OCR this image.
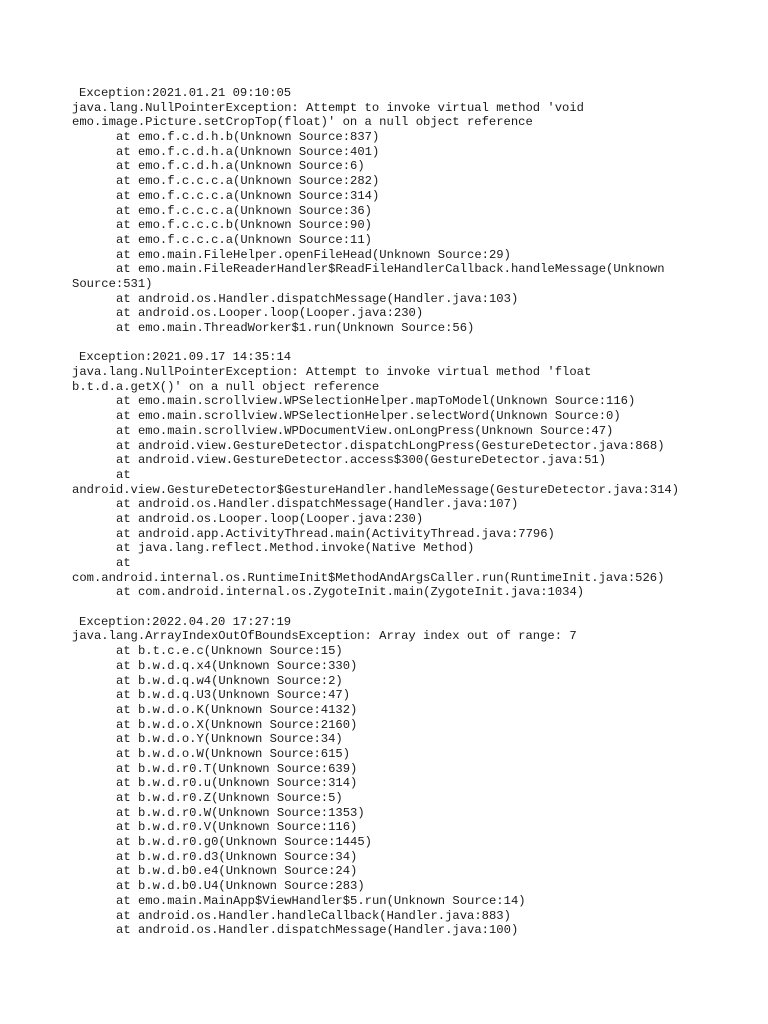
Exception:2021.01.21 09:10:05
java.lang.NullPointerException: Attempt to invoke virtual method 'void
emo.image.Picture.setCropTop(float)' on a null object reference
at emo.f.c.d.h.b(Unknown Source:837)
at emo.f.c.d.h.a(Unknown Source:401)
at emo.f.c.d.h.a(Unknown Source:6)
at emo.f.c.c.c.a(Unknown Source:282)
at emo.f.c.c.c.a(Unknown Source:314)
at emo.f.c.c.c.a(Unknown Source:36)
at emo.f.c.c.c.b(Unknown Source:90)
at emo.f.c.c.c.a(Unknown Source:11)
at emo.main.FileHelper.openFileHead(Unknown Source:29)
at emo.main.FileReaderHandler$ReadFileHandlerCallback.handleMessage(Unknown
Source:531)
at android.os.Handler.dispatchMessage(Handler.java:103)
at android.os.Looper.loop(Looper.java:230)
at emo.main.ThreadWorker$1.run(Unknown Source:56)
Exception:2021.09.17 14:35:14
java.lang.NullPointerException: Attempt to invoke virtual method 'float
b.t.d.a.getX()' on a null object reference
at emo.main.scrollview.WPSelectionHelper.mapToModel(Unknown Source:116)
at emo.main.scrollview.WPSelectionHelper.selectWord(Unknown Source:0)
at emo.main.scrollview.WPDocumentView.onLongPress(Unknown Source:47)
at android.view.GestureDetector.dispatchLongPress(GestureDetector.java:868)
at android.view.GestureDetector.access$300(GestureDetector.java:51)
at
android.view.GestureDetector$GestureHandler.handleMessage(GestureDetector.java:314)
at android.os.Handler.dispatchMessage(Handler.java:107)
at android.os.Looper.loop(Looper.java:230)
at android.app.ActivityThread.main(ActivityThread.java:7796)
at java.lang.reflect.Method.invoke(Native Method)
at
com.android.internal.os.RuntimeInit$MethodAndArgsCaller.run(RuntimeInit.java:526)
at com.android.internal.os.ZygoteInit.main(ZygoteInit.java:1034)
Exception:2022.04.20 17:27:19
java.lang.ArrayIndexOutOfBoundsException: Array index out of range: 7
at b.t.c.e.c(Unknown Source:15)
at b.w.d.q.x4(Unknown Source:330)
at b.w.d.q.w4(Unknown Source:2)
at b.w.d.q.U3(Unknown Source:47)
at b.w.d.o.K(Unknown Source:4132)
at b.w.d.o.X(Unknown Source:2160)
at b.w.d.o.Y(Unknown Source:34)
at b.w.d.o.W(Unknown Source:615)
at b.w.d.r0.T(Unknown Source:639)
at b.w.d.r0.u(Unknown Source:314)
at b.w.d.r0.Z(Unknown Source:5)
at b.w.d.r0.W(Unknown Source:1353)
at b.w.d.r0.V(Unknown Source:116)
at b.w.d.r0.g0(Unknown Source:1445)
at b.w.d.r0.d3(Unknown Source:34)
at b.w.d.b0.e4(Unknown Source:24)
at b.w.d.b0.U4(Unknown Source:283)
at emo.main.MainApp$ViewHandler$5.run(Unknown Source:14)
at android.os.Handler.handleCallback(Handler.java:883)
at android.os.Handler.dispatchMessage(Handler.java:100)
